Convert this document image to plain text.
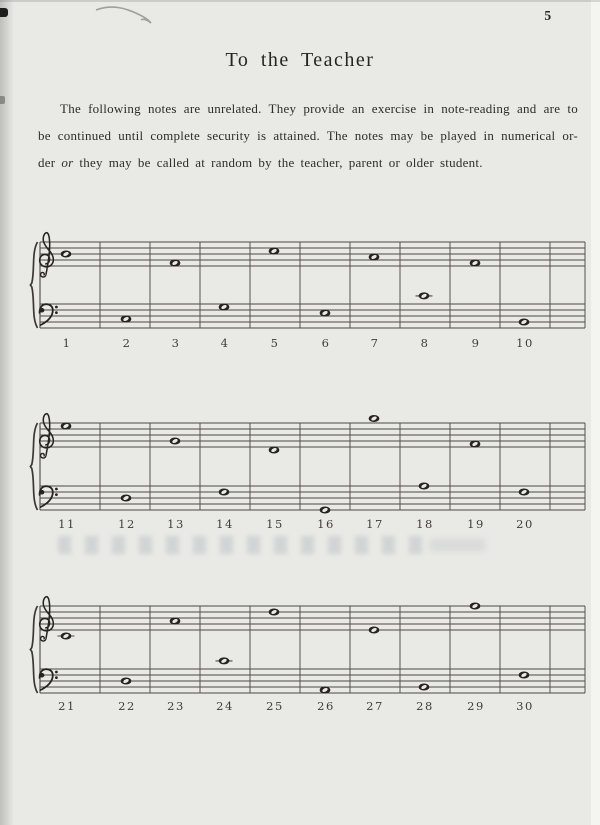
5
To the Teacher
The following notes are unrelated. They provide an exercise in note-reading and are to
be continued until complete security is attained. The notes may be played in numerical or-
der or they may be called at random by the teacher, parent or older student.
1	2	3	4	5	6	7	8	9	10
11	12	13	14	15	16	17	18	19	20
21	22	23	24	25	26	27	28	29	30
